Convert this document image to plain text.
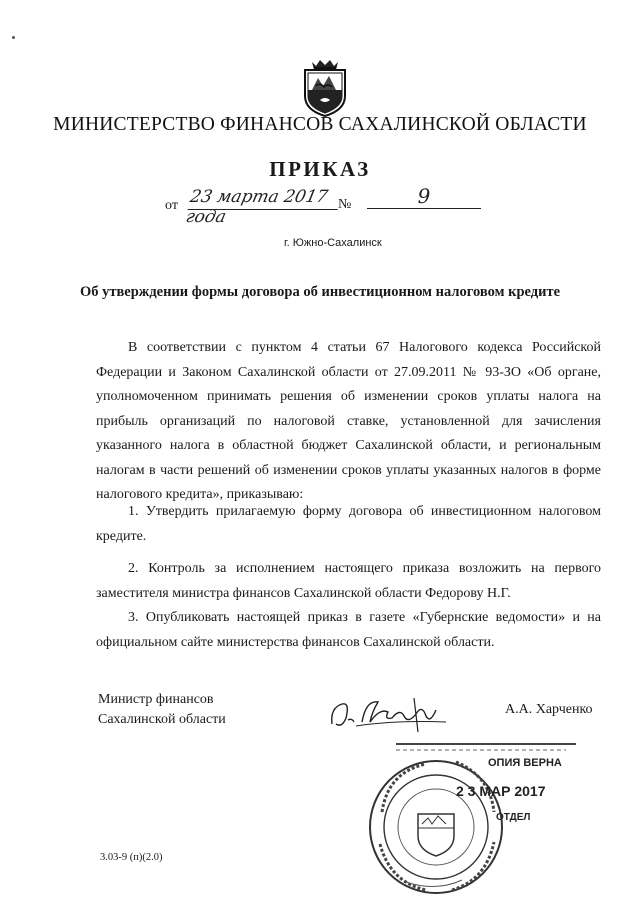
МИНИСТЕРСТВО ФИНАНСОВ САХАЛИНСКОЙ ОБЛАСТИ
ПРИКАЗ
от 23 марта 2017 года
№	9
г. Южно-Сахалинск
Об утверждении формы договора об инвестиционном налоговом кредите
В соответствии с пунктом 4 статьи 67 Налогового кодекса Российской Федерации и Законом Сахалинской области от 27.09.2011 № 93-ЗО «Об органе, уполномоченном принимать решения об изменении сроков уплаты налога на прибыль организаций по налоговой ставке, установленной для зачисления указанного налога в областной бюджет Сахалинской области, и региональным налогам в части решений об изменении сроков уплаты указанных налогов в форме налогового кредита», приказываю:
1. Утвердить прилагаемую форму договора об инвестиционном налоговом кредите.
2. Контроль за исполнением настоящего приказа возложить на первого заместителя министра финансов Сахалинской области Федорову Н.Г.
3. Опубликовать настоящей приказ в газете «Губернские ведомости» и на официальном сайте министерства финансов Сахалинской области.
Министр финансов
Сахалинской области
А.А. Харченко
ОПИЯ ВЕРНА
2 3 МАР 2017
ОТДЕЛ
3.03-9 (п)(2.0)
